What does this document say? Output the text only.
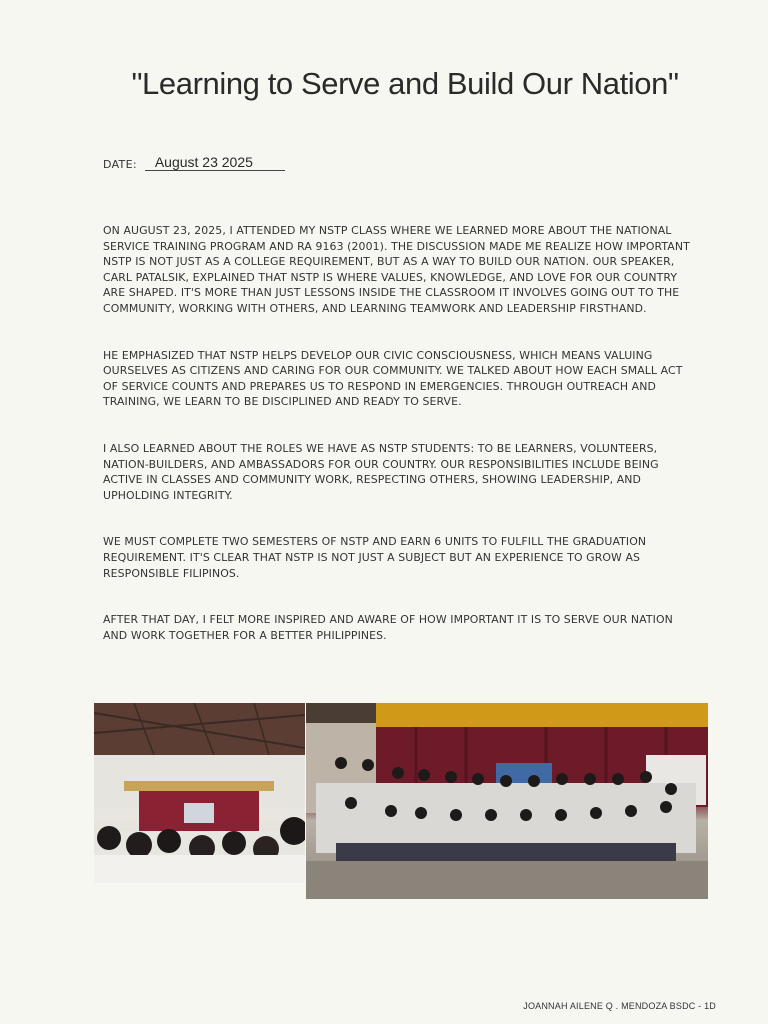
"Learning to Serve and Build Our Nation"
DATE:	August 23 2025

ON AUGUST 23, 2025, I ATTENDED MY NSTP CLASS WHERE WE LEARNED MORE ABOUT THE NATIONAL SERVICE TRAINING PROGRAM AND RA 9163 (2001). THE DISCUSSION MADE ME REALIZE HOW IMPORTANT NSTP IS NOT JUST AS A COLLEGE REQUIREMENT, BUT AS A WAY TO BUILD OUR NATION. OUR SPEAKER, CARL PATALSIK, EXPLAINED THAT NSTP IS WHERE VALUES, KNOWLEDGE, AND LOVE FOR OUR COUNTRY ARE SHAPED. IT'S MORE THAN JUST LESSONS INSIDE THE CLASSROOM IT INVOLVES GOING OUT TO THE COMMUNITY, WORKING WITH OTHERS, AND LEARNING TEAMWORK AND LEADERSHIP FIRSTHAND.

HE EMPHASIZED THAT NSTP HELPS DEVELOP OUR CIVIC CONSCIOUSNESS, WHICH MEANS VALUING OURSELVES AS CITIZENS AND CARING FOR OUR COMMUNITY. WE TALKED ABOUT HOW EACH SMALL ACT OF SERVICE COUNTS AND PREPARES US TO RESPOND IN EMERGENCIES. THROUGH OUTREACH AND TRAINING, WE LEARN TO BE DISCIPLINED AND READY TO SERVE.

I ALSO LEARNED ABOUT THE ROLES WE HAVE AS NSTP STUDENTS: TO BE LEARNERS, VOLUNTEERS, NATION-BUILDERS, AND AMBASSADORS FOR OUR COUNTRY. OUR RESPONSIBILITIES INCLUDE BEING ACTIVE IN CLASSES AND COMMUNITY WORK, RESPECTING OTHERS, SHOWING LEADERSHIP, AND UPHOLDING INTEGRITY.

WE MUST COMPLETE TWO SEMESTERS OF NSTP AND EARN 6 UNITS TO FULFILL THE GRADUATION REQUIREMENT. IT'S CLEAR THAT NSTP IS NOT JUST A SUBJECT BUT AN EXPERIENCE TO GROW AS RESPONSIBLE FILIPINOS.

AFTER THAT DAY, I FELT MORE INSPIRED AND AWARE OF HOW IMPORTANT IT IS TO SERVE OUR NATION AND WORK TOGETHER FOR A BETTER PHILIPPINES.

JOANNAH AILENE Q . MENDOZA BSDC - 1D
